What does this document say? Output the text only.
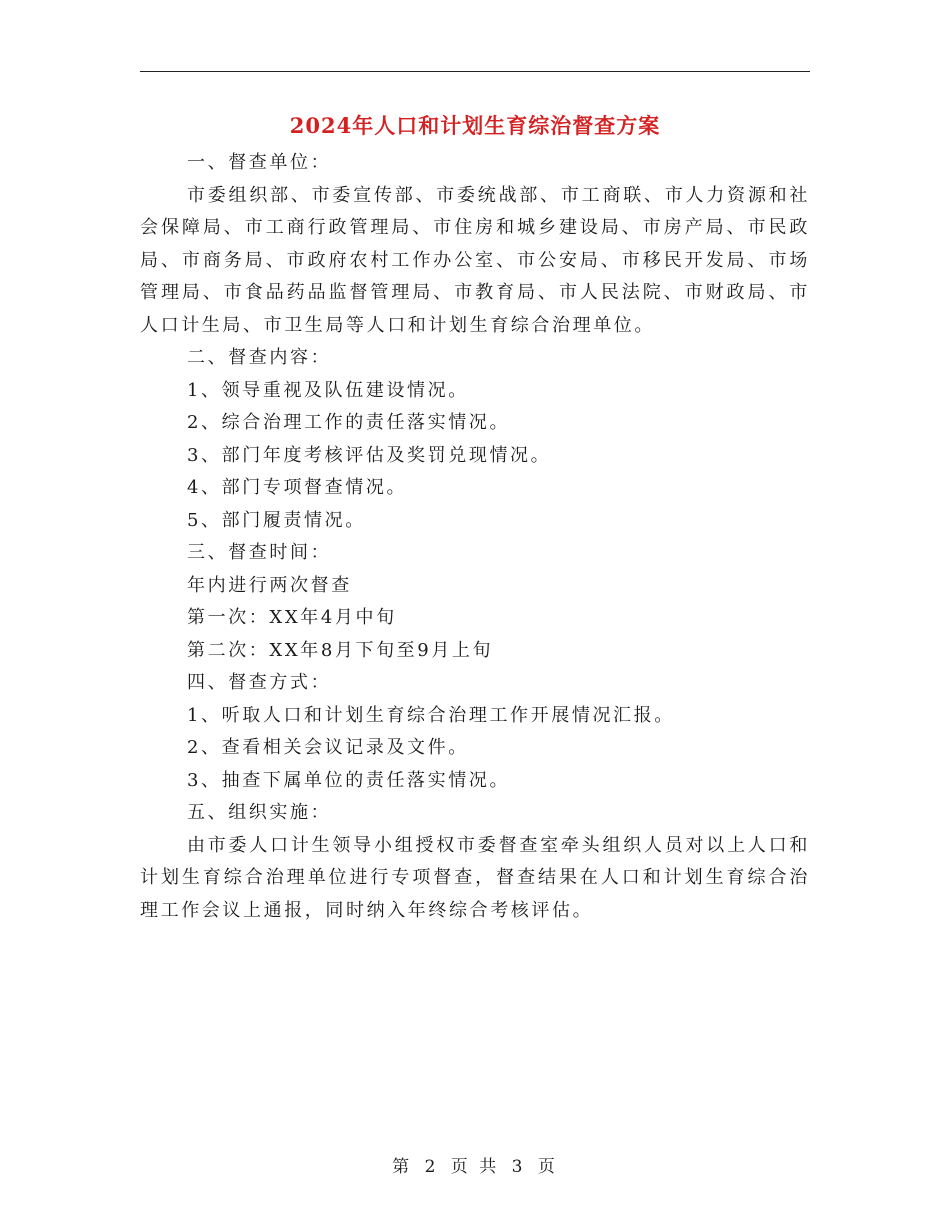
2024年人口和计划生育综治督查方案

一、督查单位：

市委组织部、市委宣传部、市委统战部、市工商联、市人力资源和社会保障局、市工商行政管理局、市住房和城乡建设局、市房产局、市民政局、市商务局、市政府农村工作办公室、市公安局、市移民开发局、市场管理局、市食品药品监督管理局、市教育局、市人民法院、市财政局、市人口计生局、市卫生局等人口和计划生育综合治理单位。

二、督查内容：

1、领导重视及队伍建设情况。

2、综合治理工作的责任落实情况。

3、部门年度考核评估及奖罚兑现情况。

4、部门专项督查情况。

5、部门履责情况。

三、督查时间：

年内进行两次督查

第一次：XX年4月中旬

第二次：XX年8月下旬至9月上旬

四、督查方式：

1、听取人口和计划生育综合治理工作开展情况汇报。

2、查看相关会议记录及文件。

3、抽查下属单位的责任落实情况。

五、组织实施：

由市委人口计生领导小组授权市委督查室牵头组织人员对以上人口和计划生育综合治理单位进行专项督查，督查结果在人口和计划生育综合治理工作会议上通报，同时纳入年终综合考核评估。

第 2 页 共 3 页
